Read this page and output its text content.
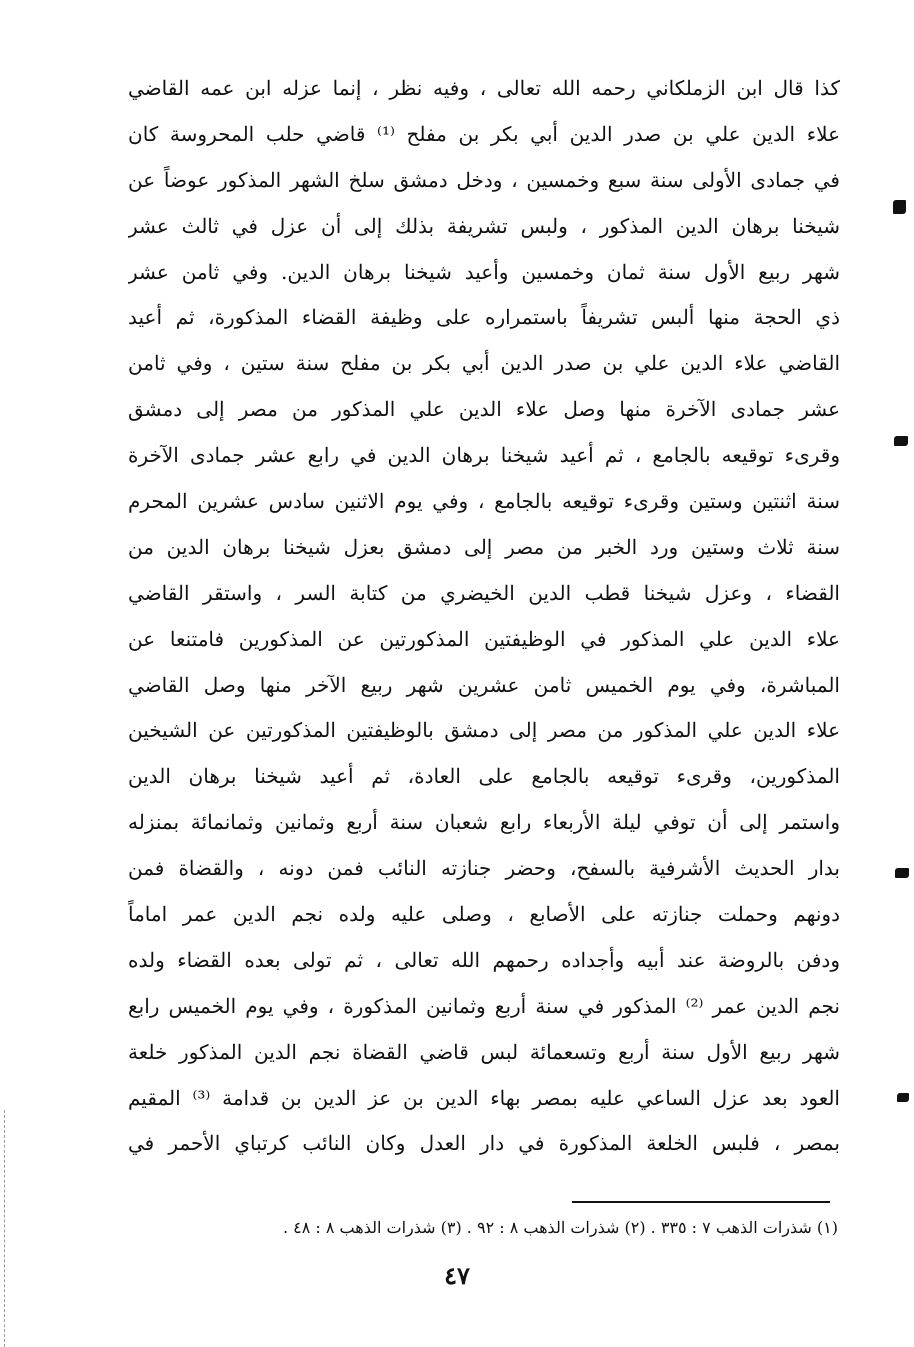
كذا قال ابن الزملكاني رحمه الله تعالى ، وفيه نظر ، إنما عزله ابن عمه القاضي
علاء الدين علي بن صدر الدين أبي بكر بن مفلح ⁽¹⁾ قاضي حلب المحروسة كان
في جمادى الأولى سنة سبع وخمسين ، ودخل دمشق سلخ الشهر المذكور عوضاً عن
شيخنا برهان الدين المذكور ، ولبس تشريفة بذلك إلى أن عزل في ثالث عشر
شهر ربيع الأول سنة ثمان وخمسين وأعيد شيخنا برهان الدين. وفي ثامن عشر
ذي الحجة منها ألبس تشريفاً باستمراره على وظيفة القضاء المذكورة، ثم أعيد
القاضي علاء الدين علي بن صدر الدين أبي بكر بن مفلح سنة ستين ، وفي ثامن
عشر جمادى الآخرة منها وصل علاء الدين علي المذكور من مصر إلى دمشق
وقرىء توقيعه بالجامع ، ثم أعيد شيخنا برهان الدين في رابع عشر جمادى الآخرة
سنة اثنتين وستين وقرىء توقيعه بالجامع ، وفي يوم الاثنين سادس عشرين المحرم
سنة ثلاث وستين ورد الخبر من مصر إلى دمشق بعزل شيخنا برهان الدين من
القضاء ، وعزل شيخنا قطب الدين الخيضري من كتابة السر ، واستقر القاضي
علاء الدين علي المذكور في الوظيفتين المذكورتين عن المذكورين فامتنعا عن
المباشرة، وفي يوم الخميس ثامن عشرين شهر ربيع الآخر منها وصل القاضي
علاء الدين علي المذكور من مصر إلى دمشق بالوظيفتين المذكورتين عن الشيخين
المذكورين، وقرىء توقيعه بالجامع على العادة، ثم أعيد شيخنا برهان الدين
واستمر إلى أن توفي ليلة الأربعاء رابع شعبان سنة أربع وثمانين وثمانمائة بمنزله
بدار الحديث الأشرفية بالسفح، وحضر جنازته النائب فمن دونه ، والقضاة فمن
دونهم وحملت جنازته على الأصابع ، وصلى عليه ولده نجم الدين عمر اماماً
ودفن بالروضة عند أبيه وأجداده رحمهم الله تعالى ، ثم تولى بعده القضاء ولده
نجم الدين عمر ⁽²⁾ المذكور في سنة أربع وثمانين المذكورة ، وفي يوم الخميس رابع
شهر ربيع الأول سنة أربع وتسعمائة لبس قاضي القضاة نجم الدين المذكور خلعة
العود بعد عزل الساعي عليه بمصر بهاء الدين بن عز الدين بن قدامة ⁽³⁾ المقيم
بمصر ، فلبس الخلعة المذكورة في دار العدل وكان النائب كرتباي الأحمر في
(١) شذرات الذهب ٧ : ٣٣٥ . (٢) شذرات الذهب ٨ : ٩٢ . (٣) شذرات الذهب ٨ : ٤٨ .
٤٧
